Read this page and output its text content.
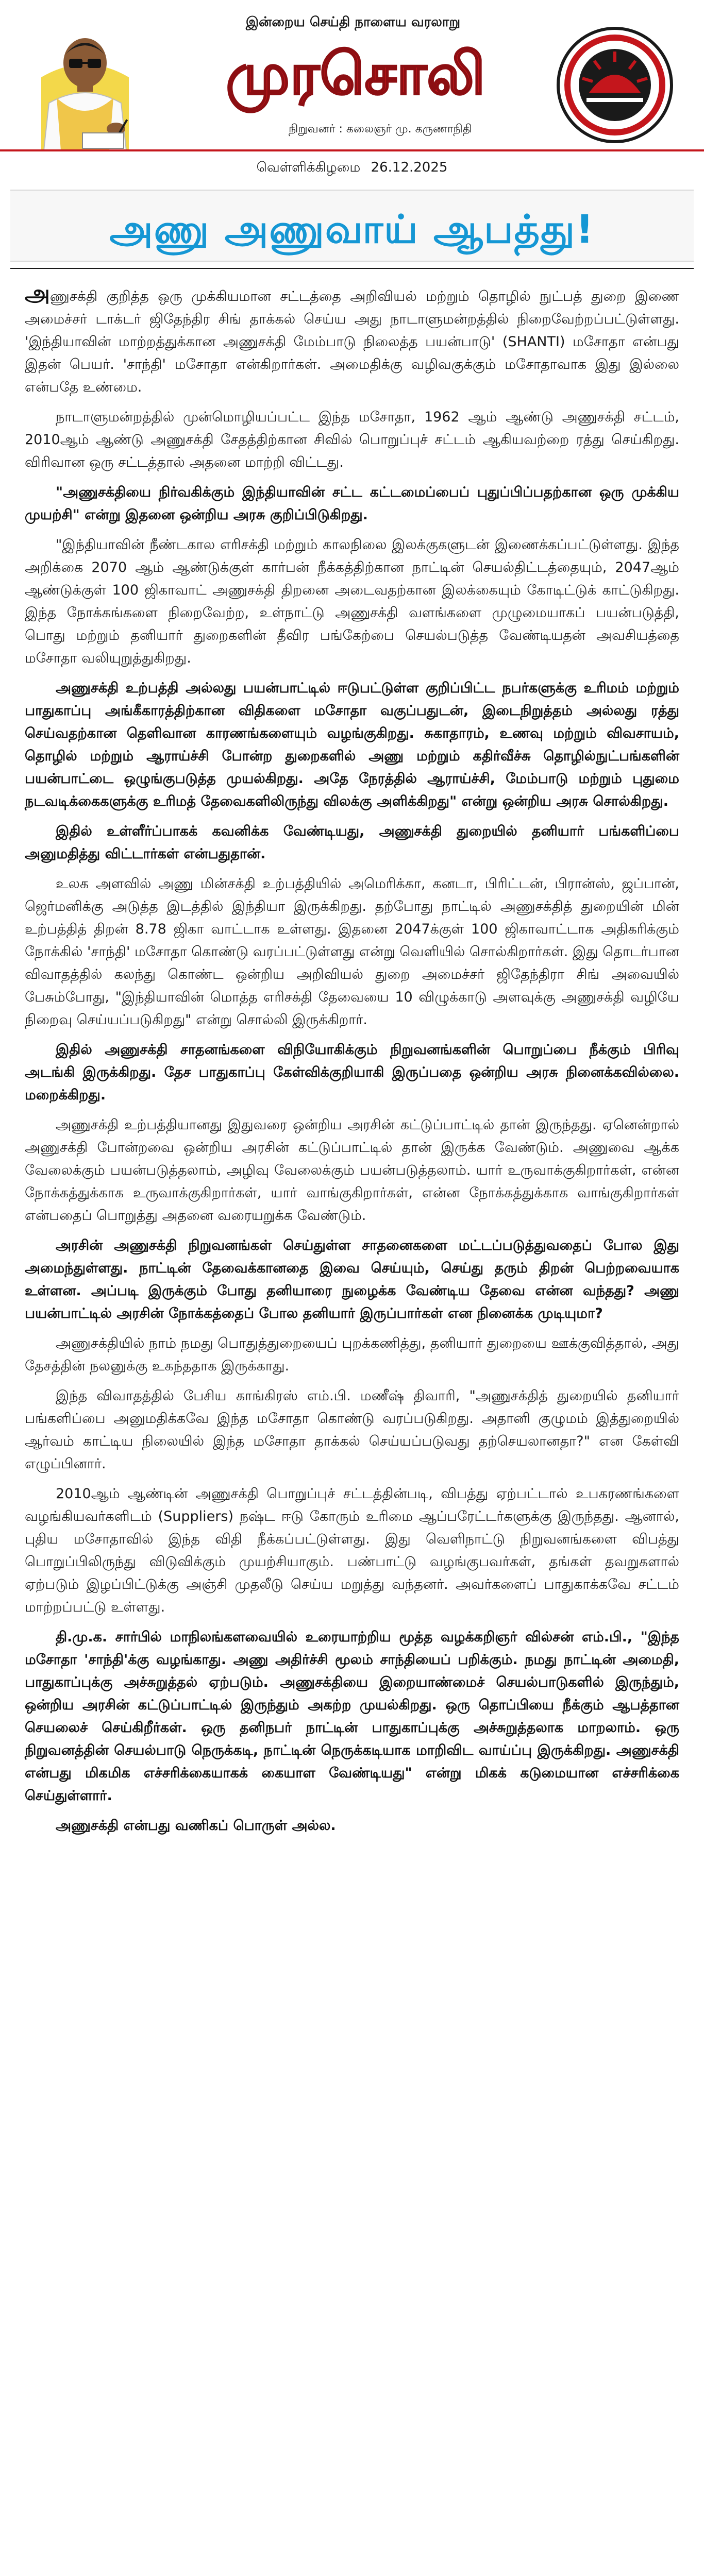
இன்றைய செய்தி நாளைய வரலாறு
முரசொலி
நிறுவனர் : கலைஞர் மு. கருணாநிதி
வெள்ளிக்கிழமை 26.12.2025
அணு அணுவாய் ஆபத்து!

அணுசக்தி குறித்த ஒரு முக்கியமான சட்டத்தை அறிவியல் மற்றும் தொழில் நுட்பத் துறை இணை அமைச்சர் டாக்டர் ஜிதேந்திர சிங் தாக்கல் செய்ய அது நாடாளுமன்றத்தில் நிறைவேற்றப்பட்டுள்ளது. 'இந்தியாவின் மாற்றத்துக்கான அணுசக்தி மேம்பாடு நிலைத்த பயன்பாடு' (SHANTI) மசோதா என்பது இதன் பெயர். 'சாந்தி' மசோதா என்கிறார்கள். அமைதிக்கு வழிவகுக்கும் மசோதாவாக இது இல்லை என்பதே உண்மை.

நாடாளுமன்றத்தில் முன்மொழியப்பட்ட இந்த மசோதா, 1962 ஆம் ஆண்டு அணுசக்தி சட்டம், 2010ஆம் ஆண்டு அணுசக்தி சேதத்திற்கான சிவில் பொறுப்புச் சட்டம் ஆகியவற்றை ரத்து செய்கிறது. விரிவான ஒரு சட்டத்தால் அதனை மாற்றி விட்டது.

"அணுசக்தியை நிர்வகிக்கும் இந்தியாவின் சட்ட கட்டமைப்பைப் புதுப்பிப்பதற்கான ஒரு முக்கிய முயற்சி" என்று இதனை ஒன்றிய அரசு குறிப்பிடுகிறது.

"இந்தியாவின் நீண்டகால எரிசக்தி மற்றும் காலநிலை இலக்குகளுடன் இணைக்கப்பட்டுள்ளது. இந்த அறிக்கை 2070 ஆம் ஆண்டுக்குள் கார்பன் நீக்கத்திற்கான நாட்டின் செயல்திட்டத்தையும், 2047ஆம் ஆண்டுக்குள் 100 ஜிகாவாட் அணுசக்தி திறனை அடைவதற்கான இலக்கையும் கோடிட்டுக் காட்டுகிறது. இந்த நோக்கங்களை நிறைவேற்ற, உள்நாட்டு அணுசக்தி வளங்களை முழுமையாகப் பயன்படுத்தி, பொது மற்றும் தனியார் துறைகளின் தீவிர பங்கேற்பை செயல்படுத்த வேண்டியதன் அவசியத்தை மசோதா வலியுறுத்துகிறது.

அணுசக்தி உற்பத்தி அல்லது பயன்பாட்டில் ஈடுபட்டுள்ள குறிப்பிட்ட நபர்களுக்கு உரிமம் மற்றும் பாதுகாப்பு அங்கீகாரத்திற்கான விதிகளை மசோதா வகுப்பதுடன், இடைநிறுத்தம் அல்லது ரத்து செய்வதற்கான தெளிவான காரணங்களையும் வழங்குகிறது. சுகாதாரம், உணவு மற்றும் விவசாயம், தொழில் மற்றும் ஆராய்ச்சி போன்ற துறைகளில் அணு மற்றும் கதிர்வீச்சு தொழில்நுட்பங்களின் பயன்பாட்டை ஒழுங்குபடுத்த முயல்கிறது. அதே நேரத்தில் ஆராய்ச்சி, மேம்பாடு மற்றும் புதுமை நடவடிக்கைகளுக்கு உரிமத் தேவைகளிலிருந்து விலக்கு அளிக்கிறது" என்று ஒன்றிய அரசு சொல்கிறது.

இதில் உள்ளீர்ப்பாகக் கவனிக்க வேண்டியது, அணுசக்தி துறையில் தனியார் பங்களிப்பை அனுமதித்து விட்டார்கள் என்பதுதான்.

உலக அளவில் அணு மின்சக்தி உற்பத்தியில் அமெரிக்கா, கனடா, பிரிட்டன், பிரான்ஸ், ஜப்பான், ஜெர்மனிக்கு அடுத்த இடத்தில் இந்தியா இருக்கிறது. தற்போது நாட்டில் அணுசக்தித் துறையின் மின் உற்பத்தித் திறன் 8.78 ஜிகா வாட்டாக உள்ளது. இதனை 2047க்குள் 100 ஜிகாவாட்டாக அதிகரிக்கும் நோக்கில் 'சாந்தி' மசோதா கொண்டு வரப்பட்டுள்ளது என்று வெளியில் சொல்கிறார்கள். இது தொடர்பான விவாதத்தில் கலந்து கொண்ட ஒன்றிய அறிவியல் துறை அமைச்சர் ஜிதேந்திரா சிங் அவையில் பேசும்போது, "இந்தியாவின் மொத்த எரிசக்தி தேவையை 10 விழுக்காடு அளவுக்கு அணுசக்தி வழியே நிறைவு செய்யப்படுகிறது" என்று சொல்லி இருக்கிறார்.

இதில் அணுசக்தி சாதனங்களை விநியோகிக்கும் நிறுவனங்களின் பொறுப்பை நீக்கும் பிரிவு அடங்கி இருக்கிறது. தேச பாதுகாப்பு கேள்விக்குறியாகி இருப்பதை ஒன்றிய அரசு நினைக்கவில்லை. மறைக்கிறது.

அணுசக்தி உற்பத்தியானது இதுவரை ஒன்றிய அரசின் கட்டுப்பாட்டில் தான் இருந்தது. ஏனென்றால் அணுசக்தி போன்றவை ஒன்றிய அரசின் கட்டுப்பாட்டில் தான் இருக்க வேண்டும். அணுவை ஆக்க வேலைக்கும் பயன்படுத்தலாம், அழிவு வேலைக்கும் பயன்படுத்தலாம். யார் உருவாக்குகிறார்கள், என்ன நோக்கத்துக்காக உருவாக்குகிறார்கள், யார் வாங்குகிறார்கள், என்ன நோக்கத்துக்காக வாங்குகிறார்கள் என்பதைப் பொறுத்து அதனை வரையறுக்க வேண்டும்.

அரசின் அணுசக்தி நிறுவனங்கள் செய்துள்ள சாதனைகளை மட்டப்படுத்துவதைப் போல இது அமைந்துள்ளது. நாட்டின் தேவைக்கானதை இவை செய்யும், செய்து தரும் திறன் பெற்றவையாக உள்ளன. அப்படி இருக்கும் போது தனியாரை நுழைக்க வேண்டிய தேவை என்ன வந்தது? அணு பயன்பாட்டில் அரசின் நோக்கத்தைப் போல தனியார் இருப்பார்கள் என நினைக்க முடியுமா?

அணுசக்தியில் நாம் நமது பொதுத்துறையைப் புறக்கணித்து, தனியார் துறையை ஊக்குவித்தால், அது தேசத்தின் நலனுக்கு உகந்ததாக இருக்காது.

இந்த விவாதத்தில் பேசிய காங்கிரஸ் எம்.பி. மணீஷ் திவாரி, "அணுசக்தித் துறையில் தனியார் பங்களிப்பை அனுமதிக்கவே இந்த மசோதா கொண்டு வரப்படுகிறது. அதானி குழுமம் இத்துறையில் ஆர்வம் காட்டிய நிலையில் இந்த மசோதா தாக்கல் செய்யப்படுவது தற்செயலானதா?" என கேள்வி எழுப்பினார்.

2010ஆம் ஆண்டின் அணுசக்தி பொறுப்புச் சட்டத்தின்படி, விபத்து ஏற்பட்டால் உபகரணங்களை வழங்கியவர்களிடம் (Suppliers) நஷ்ட ஈடு கோரும் உரிமை ஆப்பரேட்டர்களுக்கு இருந்தது. ஆனால், புதிய மசோதாவில் இந்த விதி நீக்கப்பட்டுள்ளது. இது வெளிநாட்டு நிறுவனங்களை விபத்து பொறுப்பிலிருந்து விடுவிக்கும் முயற்சியாகும். பண்பாட்டு வழங்குபவர்கள், தங்கள் தவறுகளால் ஏற்படும் இழப்பிட்டுக்கு அஞ்சி முதலீடு செய்ய மறுத்து வந்தனர். அவர்களைப் பாதுகாக்கவே சட்டம் மாற்றப்பட்டு உள்ளது.

தி.மு.க. சார்பில் மாநிலங்களவையில் உரையாற்றிய மூத்த வழக்கறிஞர் வில்சன் எம்.பி., "இந்த மசோதா 'சாந்தி'க்கு வழங்காது. அணு அதிர்ச்சி மூலம் சாந்தியைப் பறிக்கும். நமது நாட்டின் அமைதி, பாதுகாப்புக்கு அச்சுறுத்தல் ஏற்படும். அணுசக்தியை இறையாண்மைச் செயல்பாடுகளில் இருந்தும், ஒன்றிய அரசின் கட்டுப்பாட்டில் இருந்தும் அகற்ற முயல்கிறது. ஒரு தொப்பியை நீக்கும் ஆபத்தான செயலைச் செய்கிறீர்கள். ஒரு தனிநபர் நாட்டின் பாதுகாப்புக்கு அச்சுறுத்தலாக மாறலாம். ஒரு நிறுவனத்தின் செயல்பாடு நெருக்கடி, நாட்டின் நெருக்கடியாக மாறிவிட வாய்ப்பு இருக்கிறது. அணுசக்தி என்பது மிகமிக எச்சரிக்கையாகக் கையாள வேண்டியது" என்று மிகக் கடுமையான எச்சரிக்கை செய்துள்ளார்.

அணுசக்தி என்பது வணிகப் பொருள் அல்ல.
